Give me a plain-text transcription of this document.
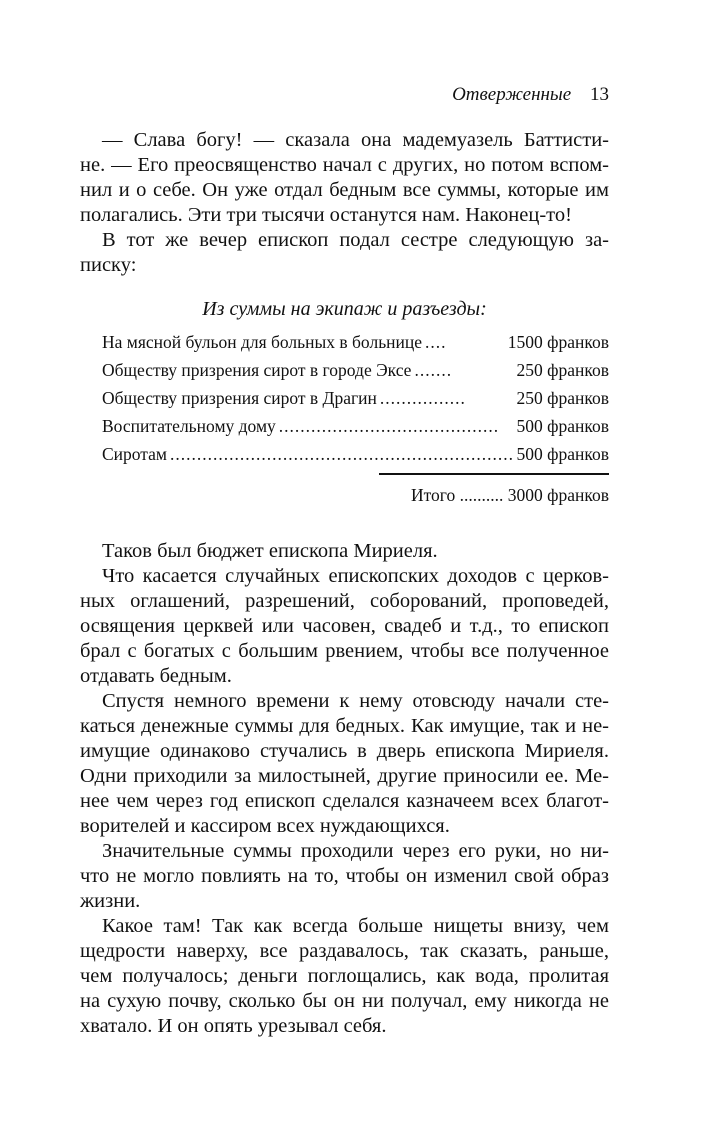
Отверженные 13
— Слава богу! — сказала она мадемуазель Баттисти-
не. — Его преосвященство начал с других, но потом вспом-
нил и о себе. Он уже отдал бедным все суммы, которые им
полагались. Эти три тысячи останутся нам. Наконец-то!
В тот же вечер епископ подал сестре следующую за-
писку:
Из суммы на экипаж и разъезды:
На мясной бульон для больных в больнице ....	1500 франков
Обществу призрения сирот в городе Эксе .......	250 франков
Обществу призрения сирот в Драгин ................	250 франков
Воспитательному дому ......................................... 500 франков
Сиротам ................................................................ 500 франков
Итого .......... 3000 франков
Таков был бюджет епископа Мириеля.
Что касается случайных епископских доходов с церков-
ных оглашений, разрешений, соборований, проповедей,
освящения церквей или часовен, свадеб и т.д., то епископ
брал с богатых с большим рвением, чтобы все полученное
отдавать бедным.
Спустя немного времени к нему отовсюду начали сте-
каться денежные суммы для бедных. Как имущие, так и не-
имущие одинаково стучались в дверь епископа Мириеля.
Одни приходили за милостыней, другие приносили ее. Ме-
нее чем через год епископ сделался казначеем всех благот-
ворителей и кассиром всех нуждающихся.
Значительные суммы проходили через его руки, но ни-
что не могло повлиять на то, чтобы он изменил свой образ
жизни.
Какое там! Так как всегда больше нищеты внизу, чем
щедрости наверху, все раздавалось, так сказать, раньше,
чем получалось; деньги поглощались, как вода, пролитая
на сухую почву, сколько бы он ни получал, ему никогда не
хватало. И он опять урезывал себя.
